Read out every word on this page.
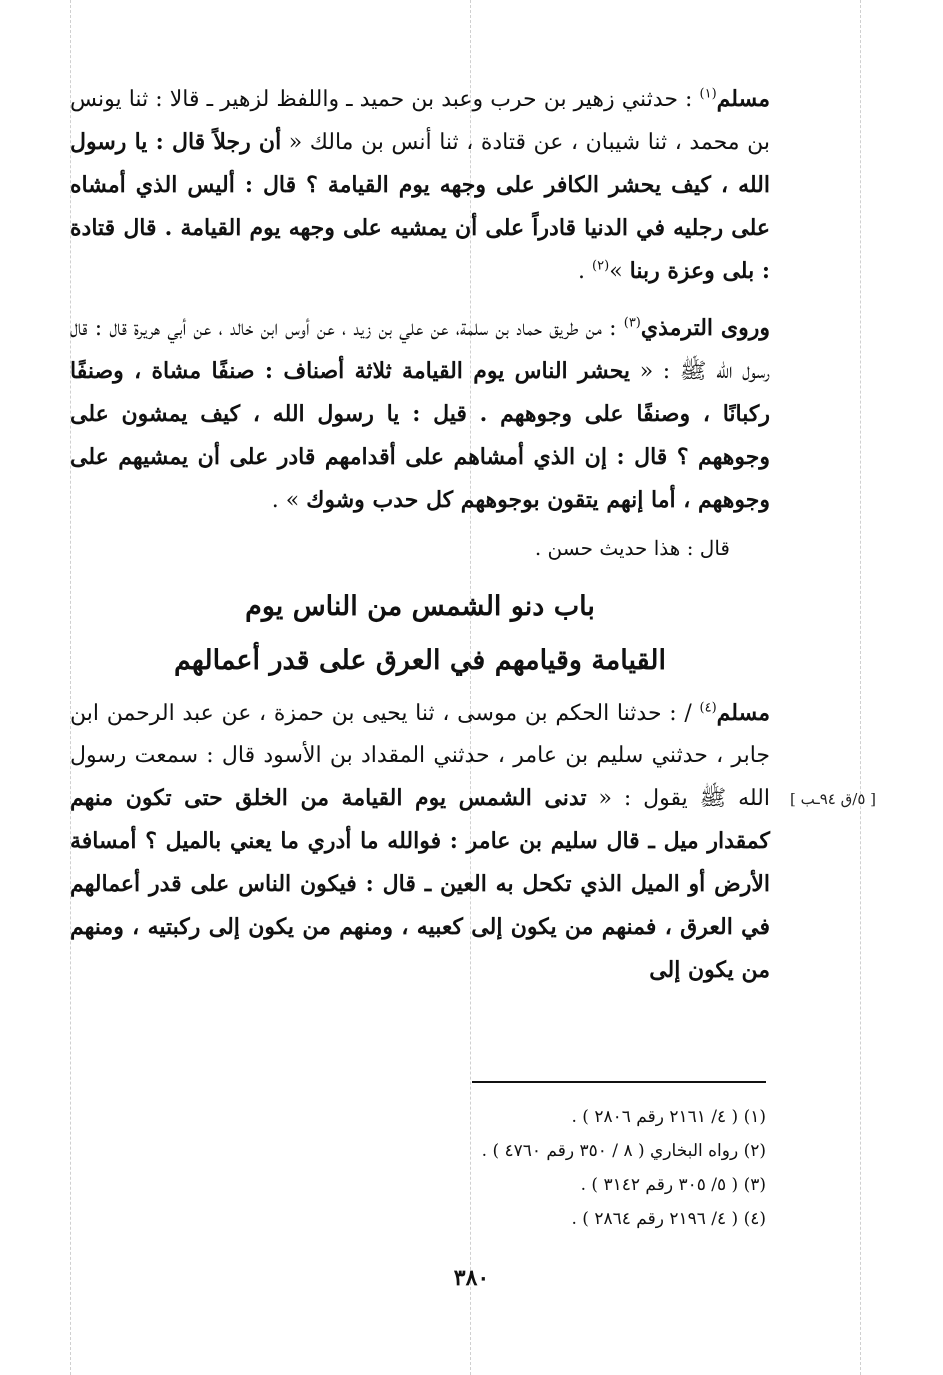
مسلم$^{(١)}$ : حدثني زهير بن حرب وعبد بن حميد ـ واللفظ لزهير ـ قالا : ثنا يونس بن محمد ، ثنا شيبان ، عن قتادة ، ثنا أنس بن مالك « أن رجلاً قال : يا رسول الله ، كيف يحشر الكافر على وجهه يوم القيامة ؟ قال : أليس الذي أمشاه على رجليه في الدنيا قادراً على أن يمشيه على وجهه يوم القيامة . قال قتادة : بلى وعزة ربنا »$^{(٢)}$ .

وروى الترمذي$^{(٣)}$ : من طريق حماد بن سلمة، عن علي بن زيد ، عن أوس ابن خالد ، عن أبي هريرة قال : قال رسول الله ﷺ : « يحشر الناس يوم القيامة ثلاثة أصناف : صنفًا مشاة ، وصنفًا ركبانًا ، وصنفًا على وجوههم . قيل : يا رسول الله ، كيف يمشون على وجوههم ؟ قال : إن الذي أمشاهم على أقدامهم قادر على أن يمشيهم على وجوههم ، أما إنهم يتقون بوجوههم كل حدب وشوك » .

قال : هذا حديث حسن .

باب دنو الشمس من الناس يوم
القيامة وقيامهم في العرق على قدر أعمالهم

مسلم$^{(٤)}$ / : حدثنا الحكم بن موسى ، ثنا يحيى بن حمزة ، عن عبد الرحمن ابن جابر ، حدثني سليم بن عامر ، حدثني المقداد بن الأسود قال : سمعت رسول الله ﷺ يقول : « تدنى الشمس يوم القيامة من الخلق حتى تكون منهم كمقدار ميل ـ قال سليم بن عامر : فوالله ما أدري ما يعني بالميل ؟ أمسافة الأرض أو الميل الذي تكحل به العين ـ قال : فيكون الناس على قدر أعمالهم في العرق ، فمنهم من يكون إلى كعبيه ، ومنهم من يكون إلى ركبتيه ، ومنهم من يكون إلى

[ ٥/ق ٩٤ـب ]

(١) ( ٤/ ٢١٦١ رقم ٢٨٠٦ ) .

(٢) رواه البخاري ( ٨ / ٣٥٠ رقم ٤٧٦٠ ) .

(٣) ( ٥/ ٣٠٥ رقم ٣١٤٢ ) .

(٤) ( ٤/ ٢١٩٦ رقم ٢٨٦٤ ) .

٣٨٠
